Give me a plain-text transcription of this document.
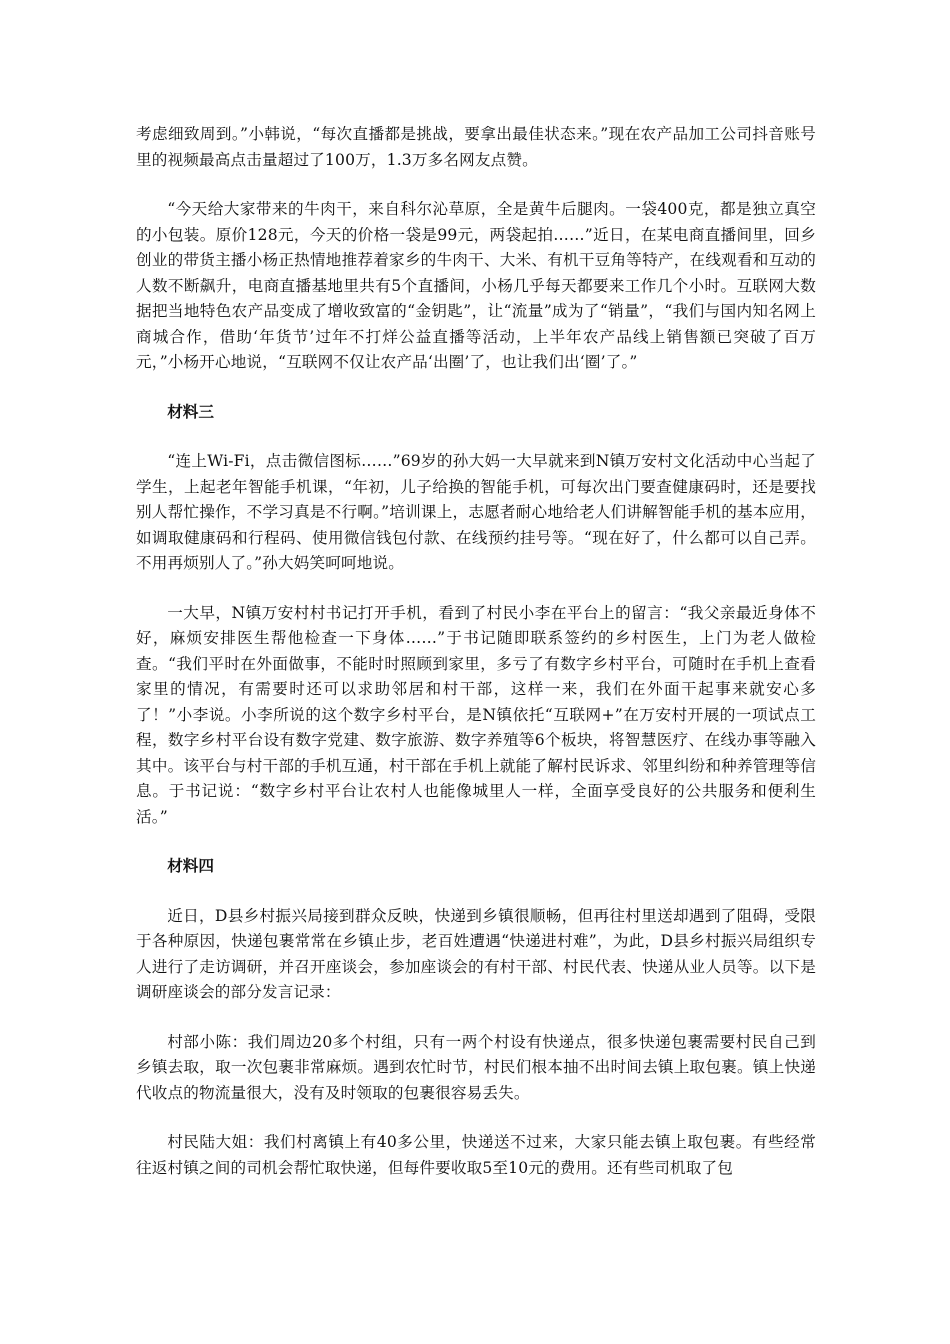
考虑细致周到。”小韩说，“每次直播都是挑战，要拿出最佳状态来。”现在农产品加工公司抖音账号里的视频最高点击量超过了100万，1.3万多名网友点赞。

“今天给大家带来的牛肉干，来自科尔沁草原，全是黄牛后腿肉。一袋400克，都是独立真空的小包装。原价128元，今天的价格一袋是99元，两袋起拍……”近日，在某电商直播间里，回乡创业的带货主播小杨正热情地推荐着家乡的牛肉干、大米、有机干豆角等特产，在线观看和互动的人数不断飙升，电商直播基地里共有5个直播间，小杨几乎每天都要来工作几个小时。互联网大数据把当地特色农产品变成了增收致富的“金钥匙”，让“流量”成为了“销量”，“我们与国内知名网上商城合作，借助‘年货节’过年不打烊公益直播等活动，上半年农产品线上销售额已突破了百万元，”小杨开心地说，“互联网不仅让农产品‘出圈’了，也让我们出‘圈’了。”

材料三

“连上Wi-Fi，点击微信图标……”69岁的孙大妈一大早就来到N镇万安村文化活动中心当起了学生，上起老年智能手机课，“年初，儿子给换的智能手机，可每次出门要查健康码时，还是要找别人帮忙操作，不学习真是不行啊。”培训课上，志愿者耐心地给老人们讲解智能手机的基本应用，如调取健康码和行程码、使用微信钱包付款、在线预约挂号等。“现在好了，什么都可以自己弄。不用再烦别人了。”孙大妈笑呵呵地说。

一大早，N镇万安村村书记打开手机，看到了村民小李在平台上的留言：“我父亲最近身体不好，麻烦安排医生帮他检查一下身体……”于书记随即联系签约的乡村医生，上门为老人做检查。“我们平时在外面做事，不能时时照顾到家里，多亏了有数字乡村平台，可随时在手机上查看家里的情况，有需要时还可以求助邻居和村干部，这样一来，我们在外面干起事来就安心多了！”小李说。小李所说的这个数字乡村平台，是N镇依托“互联网+”在万安村开展的一项试点工程，数字乡村平台设有数字党建、数字旅游、数字养殖等6个板块，将智慧医疗、在线办事等融入其中。该平台与村干部的手机互通，村干部在手机上就能了解村民诉求、邻里纠纷和种养管理等信息。于书记说：“数字乡村平台让农村人也能像城里人一样，全面享受良好的公共服务和便利生活。”

材料四

近日，D县乡村振兴局接到群众反映，快递到乡镇很顺畅，但再往村里送却遇到了阻碍，受限于各种原因，快递包裹常常在乡镇止步，老百姓遭遇“快递进村难”，为此，D县乡村振兴局组织专人进行了走访调研，并召开座谈会，参加座谈会的有村干部、村民代表、快递从业人员等。以下是调研座谈会的部分发言记录：

村部小陈：我们周边20多个村组，只有一两个村设有快递点，很多快递包裹需要村民自己到乡镇去取，取一次包裹非常麻烦。遇到农忙时节，村民们根本抽不出时间去镇上取包裹。镇上快递代收点的物流量很大，没有及时领取的包裹很容易丢失。

村民陆大姐：我们村离镇上有40多公里，快递送不过来，大家只能去镇上取包裹。有些经常往返村镇之间的司机会帮忙取快递，但每件要收取5至10元的费用。还有些司机取了包
